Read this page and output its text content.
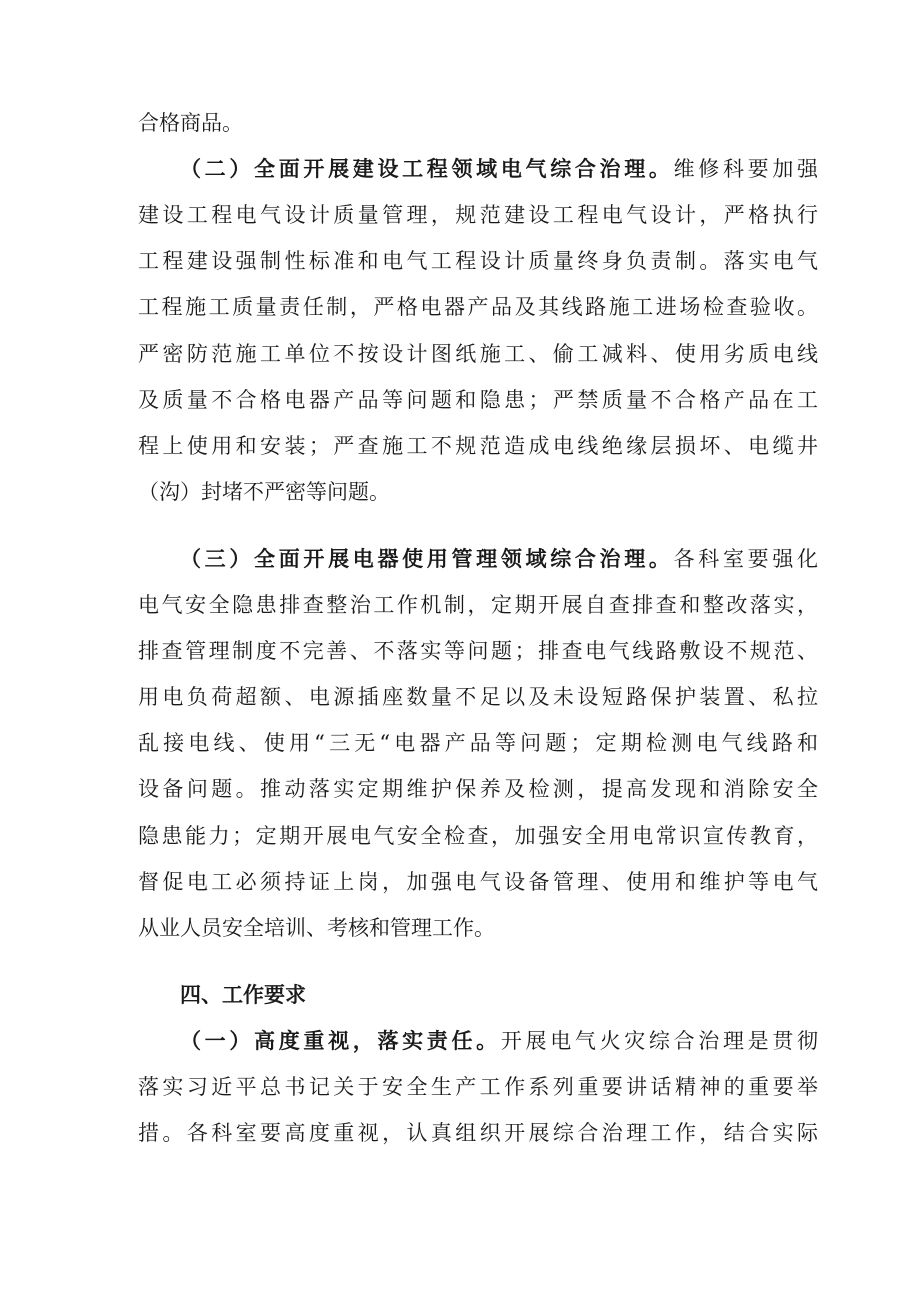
合格商品。
（二）全面开展建设工程领域电气综合治理。维修科要加强
建设工程电气设计质量管理，规范建设工程电气设计，严格执行
工程建设强制性标准和电气工程设计质量终身负责制。落实电气
工程施工质量责任制，严格电器产品及其线路施工进场检查验收。
严密防范施工单位不按设计图纸施工、偷工减料、使用劣质电线
及质量不合格电器产品等问题和隐患；严禁质量不合格产品在工
程上使用和安装；严查施工不规范造成电线绝缘层损坏、电缆井
（沟）封堵不严密等问题。
（三）全面开展电器使用管理领域综合治理。各科室要强化
电气安全隐患排查整治工作机制，定期开展自查排查和整改落实，
排查管理制度不完善、不落实等问题；排查电气线路敷设不规范、
用电负荷超额、电源插座数量不足以及未设短路保护装置、私拉
乱接电线、使用“三无“电器产品等问题；定期检测电气线路和
设备问题。推动落实定期维护保养及检测，提高发现和消除安全
隐患能力；定期开展电气安全检查，加强安全用电常识宣传教育，
督促电工必须持证上岗，加强电气设备管理、使用和维护等电气
从业人员安全培训、考核和管理工作。
四、工作要求
（一）高度重视，落实责任。开展电气火灾综合治理是贯彻
落实习近平总书记关于安全生产工作系列重要讲话精神的重要举
措。各科室要高度重视，认真组织开展综合治理工作，结合实际
